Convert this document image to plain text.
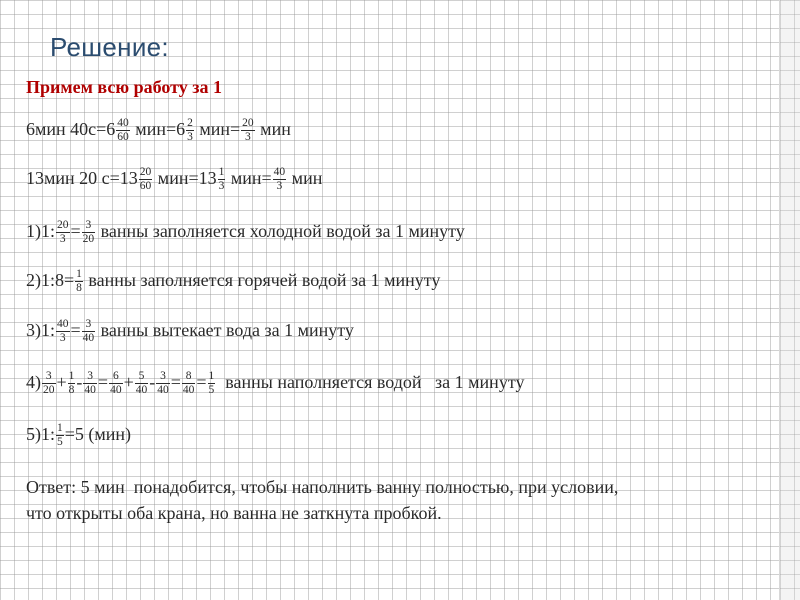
Решение:
Примем всю работу за 1
6мин $40с=6 \frac{40}{60} мин=6 \frac{2}{3} мин= \frac{20}{3}$ мин
13мин 20 $с=13 \frac{20}{60} мин=13 \frac{1}{3} мин= \frac{40}{3}$ мин
1)1: $\frac{20}{3} = \frac{3}{20}$ ванны заполняется холодной водой за 1 минуту
2)1:8= $\frac{1}{8}$ ванны заполняется горячей водой за 1 минуту
3)1: $\frac{40}{3} = \frac{3}{40}$ ванны вытекает вода за 1 минуту
$4) \frac{3}{20} + \frac{1}{8} - \frac{3}{40} = \frac{6}{40} + \frac{5}{40} - \frac{3}{40} = \frac{8}{40} = \frac{1}{5}$ ванны наполняется водой   за 1 минуту
5)1: $\frac{1}{5} =5$ (мин)
Ответ: 5 мин  понадобится, чтобы наполнить ванну полностью, при условии,
что открыты оба крана, но ванна не заткнута пробкой.
